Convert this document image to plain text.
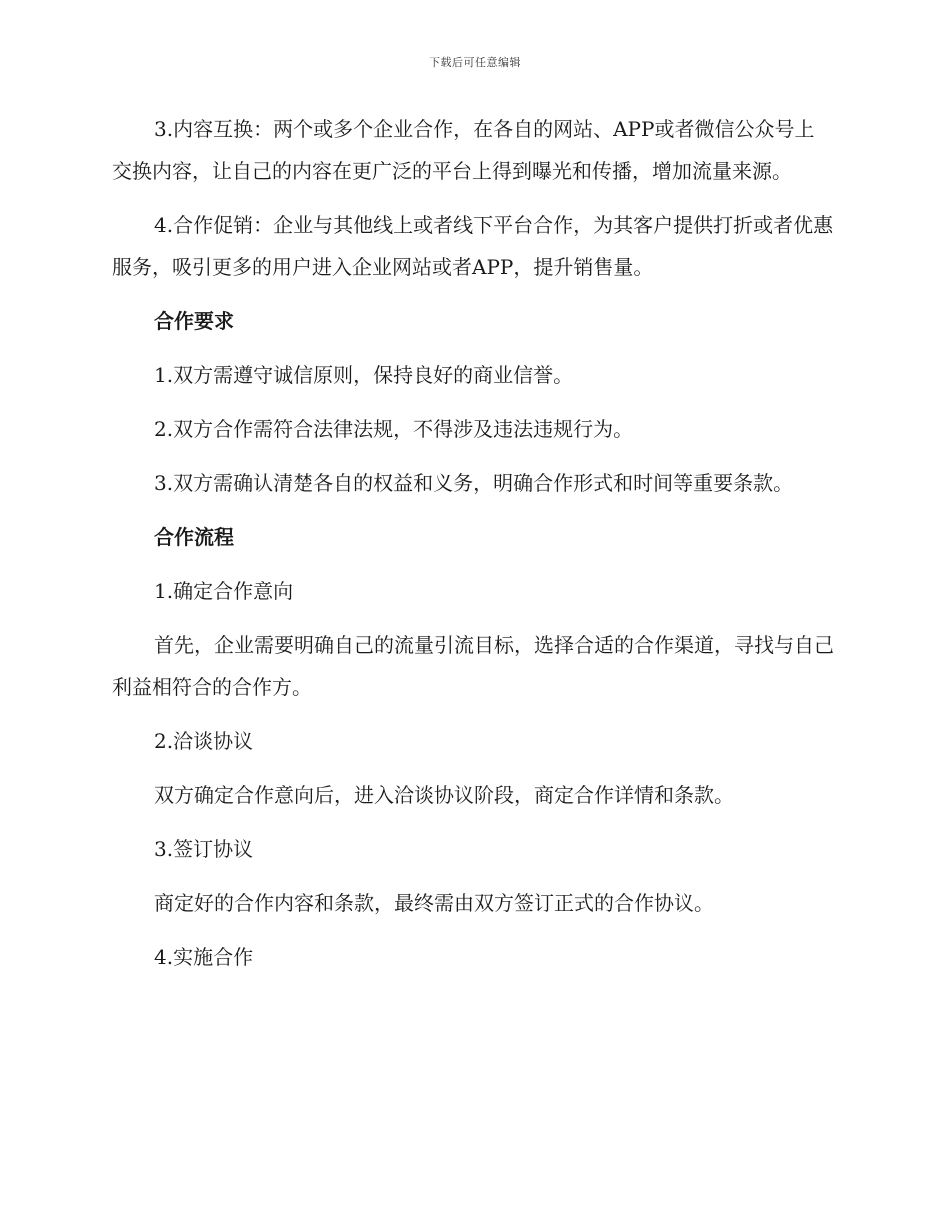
下载后可任意编辑

3.内容互换：两个或多个企业合作，在各自的网站、APP或者微信公众号上交换内容，让自己的内容在更广泛的平台上得到曝光和传播，增加流量来源。

4.合作促销：企业与其他线上或者线下平台合作，为其客户提供打折或者优惠服务，吸引更多的用户进入企业网站或者APP，提升销售量。

合作要求

1.双方需遵守诚信原则，保持良好的商业信誉。

2.双方合作需符合法律法规，不得涉及违法违规行为。

3.双方需确认清楚各自的权益和义务，明确合作形式和时间等重要条款。

合作流程

1.确定合作意向

首先，企业需要明确自己的流量引流目标，选择合适的合作渠道，寻找与自己利益相符合的合作方。

2.洽谈协议

双方确定合作意向后，进入洽谈协议阶段，商定合作详情和条款。

3.签订协议

商定好的合作内容和条款，最终需由双方签订正式的合作协议。

4.实施合作
